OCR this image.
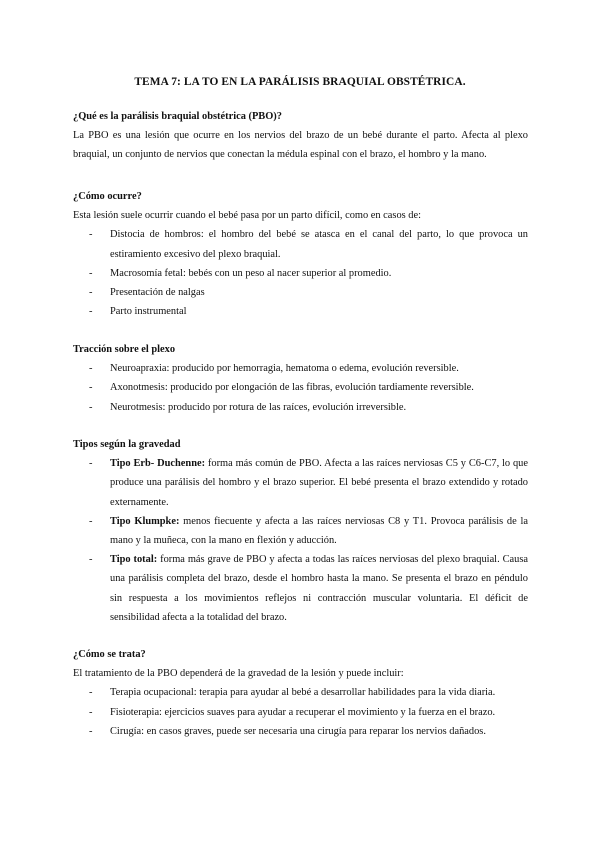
TEMA 7: LA TO EN LA PARÁLISIS BRAQUIAL OBSTÉTRICA.
¿Qué es la parálisis braquial obstétrica (PBO)?

La PBO es una lesión que ocurre en los nervios del brazo de un bebé durante el parto. Afecta al plexo braquial, un conjunto de nervios que conectan la médula espinal con el brazo, el hombro y la mano.

¿Cómo ocurre?

Esta lesión suele ocurrir cuando el bebé pasa por un parto difícil, como en casos de:

- Distocia de hombros: el hombro del bebé se atasca en el canal del parto, lo que provoca un estiramiento excesivo del plexo braquial.
- Macrosomía fetal: bebés con un peso al nacer superior al promedio.
- Presentación de nalgas
- Parto instrumental
Tracción sobre el plexo
- Neuroapraxia: producido por hemorragia, hematoma o edema, evolución reversible.
- Axonotmesis: producido por elongación de las fibras, evolución tardiamente reversible.
- Neurotmesis: producido por rotura de las raíces, evolución irreversible.
Tipos según la gravedad
- Tipo Erb- Duchenne: forma más común de PBO. Afecta a las raíces nerviosas C5 y C6-C7, lo que produce una parálisis del hombro y el brazo superior. El bebé presenta el brazo extendido y rotado externamente.
- Tipo Klumpke: menos fiecuente y afecta a las raíces nerviosas C8 y T1. Provoca parálisis de la mano y la muñeca, con la mano en flexión y aducción.
- Tipo total: forma más grave de PBO y afecta a todas las raíces nerviosas del plexo braquial. Causa una parálisis completa del brazo, desde el hombro hasta la mano. Se presenta el brazo en péndulo sin respuesta a los movimientos reflejos ni contracción muscular voluntaria. El déficit de sensibilidad afecta a la totalidad del brazo.
¿Cómo se trata?

El tratamiento de la PBO dependerá de la gravedad de la lesión y puede incluir:

- Terapia ocupacional: terapia para ayudar al bebé a desarrollar habilidades para la vida diaria.
- Fisioterapia: ejercicios suaves para ayudar a recuperar el movimiento y la fuerza en el brazo.
- Cirugía: en casos graves, puede ser necesaria una cirugía para reparar los nervios dañados.
